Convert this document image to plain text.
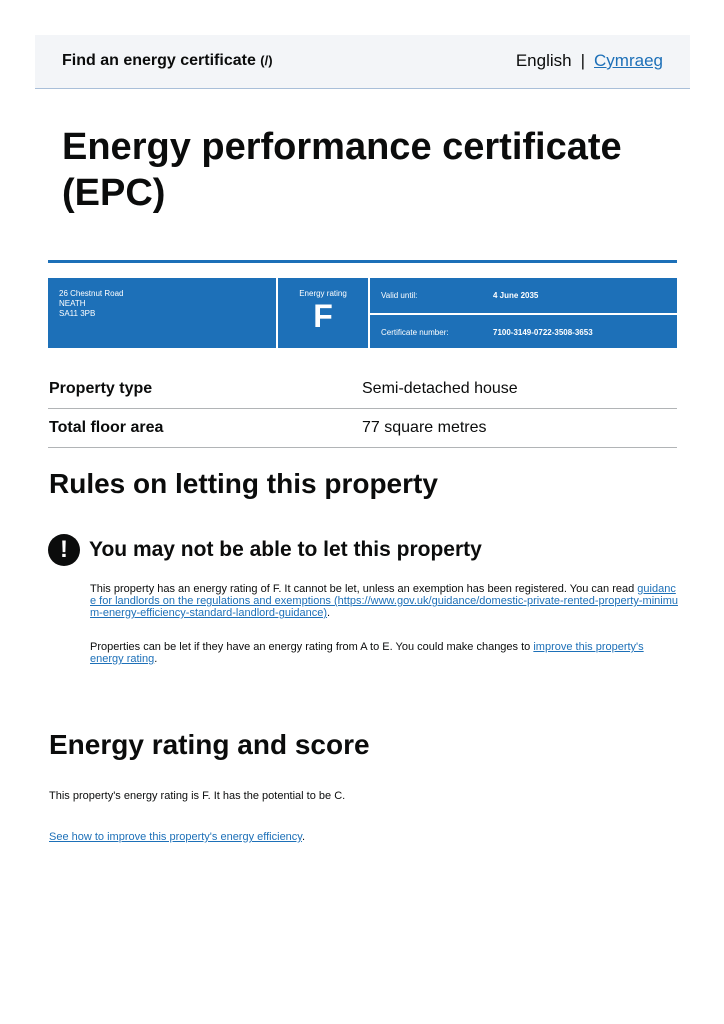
Find an energy certificate (/)	English | Cymraeg
Energy performance certificate (EPC)
26 Chestnut Road
NEATH
SA11 3PB
Energy rating
F
Valid until:	4 June 2035
Certificate number:	7100-3149-0722-3508-3653
Property type	Semi-detached house
Total floor area	77 square metres
Rules on letting this property
!	You may not be able to let this property
This property has an energy rating of F. It cannot be let, unless an exemption has been registered. You can read guidance for landlords on the regulations and exemptions (https://www.gov.uk/guidance/domestic-private-rented-property-minimum-energy-efficiency-standard-landlord-guidance).
Properties can be let if they have an energy rating from A to E. You could make changes to improve this property's energy rating.
Energy rating and score
This property's energy rating is F. It has the potential to be C.
See how to improve this property's energy efficiency.
